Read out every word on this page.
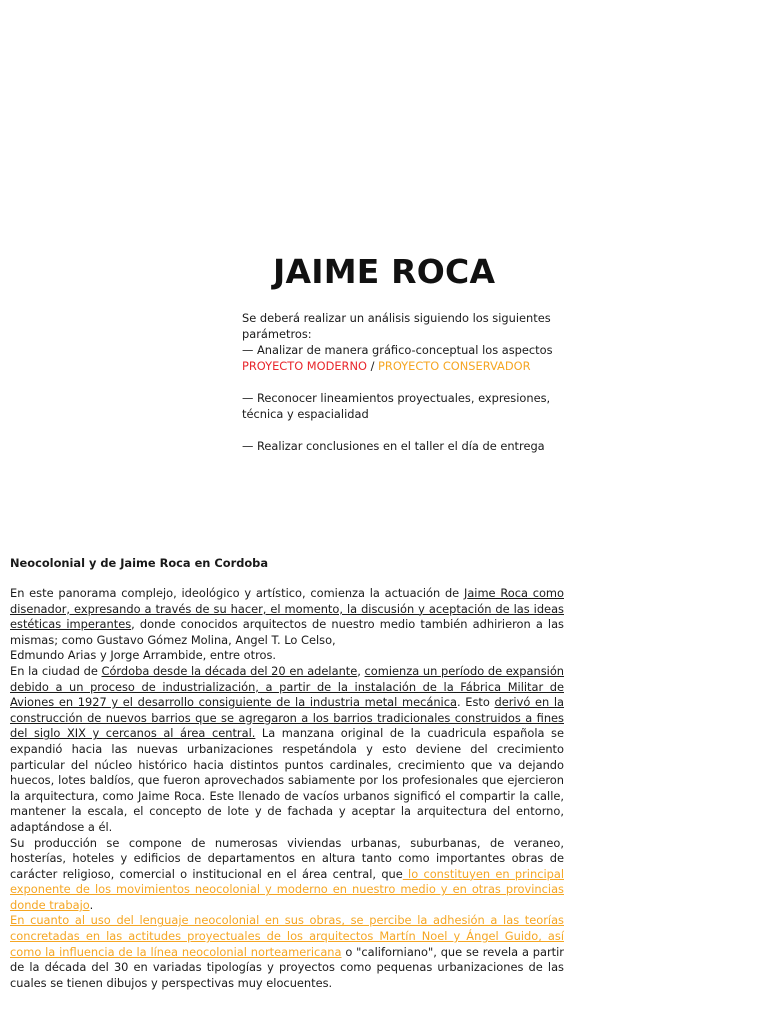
JAIME ROCA

Se deberá realizar un análisis siguiendo los siguientes parámetros:

— Analizar de manera gráfico-conceptual los aspectos
PROYECTO MODERNO / PROYECTO CONSERVADOR

— Reconocer lineamientos proyectuales, expresiones, técnica y espacialidad

— Realizar conclusiones en el taller el día de entrega

Neocolonial y de Jaime Roca en Cordoba

En este panorama complejo, ideológico y artístico, comienza la actuación de Jaime Roca como disenador, expresando a través de su hacer, el momento, la discusión y aceptación de las ideas estéticas imperantes, donde conocidos arquitectos de nuestro medio también adhirieron a las mismas; como Gustavo Gómez Molina, Angel T. Lo Celso,
Edmundo Arias y Jorge Arrambide, entre otros.

En la ciudad de Córdoba desde la década del 20 en adelante, comienza un período de expansión debido a un proceso de industrialización, a partir de la instalación de la Fábrica Militar de Aviones en 1927 y el desarrollo consiguiente de la industria metal mecánica. Esto derivó en la construcción de nuevos barrios que se agregaron a los barrios tradicionales construidos a fines del siglo XIX y cercanos al área central. La manzana original de la cuadricula española se expandió hacia las nuevas urbanizaciones respetándola y esto deviene del crecimiento particular del núcleo histórico hacia distintos puntos cardinales, crecimiento que va dejando huecos, lotes baldíos, que fueron aprovechados sabiamente por los profesionales que ejercieron la arquitectura, como Jaime Roca. Este llenado de vacíos urbanos significó el compartir la calle, mantener la escala, el concepto de lote y de fachada y aceptar la arquitectura del entorno, adaptándose a él.

Su producción se compone de numerosas viviendas urbanas, suburbanas, de veraneo, hosterías, hoteles y edificios de departamentos en altura tanto como importantes obras de carácter religioso, comercial o institucional en el área central, que lo constituyen en principal exponente de los movimientos neocolonial y moderno en nuestro medio y en otras provincias donde trabajo.

En cuanto al uso del lenguaje neocolonial en sus obras, se percibe la adhesión a las teorías concretadas en las actitudes proyectuales de los arquitectos Martín Noel y Ángel Guido, así como la influencia de la línea neocolonial norteamericana o "californiano", que se revela a partir de la década del 30 en variadas tipologías y proyectos como pequenas urbanizaciones de las cuales se tienen dibujos y perspectivas muy elocuentes.
